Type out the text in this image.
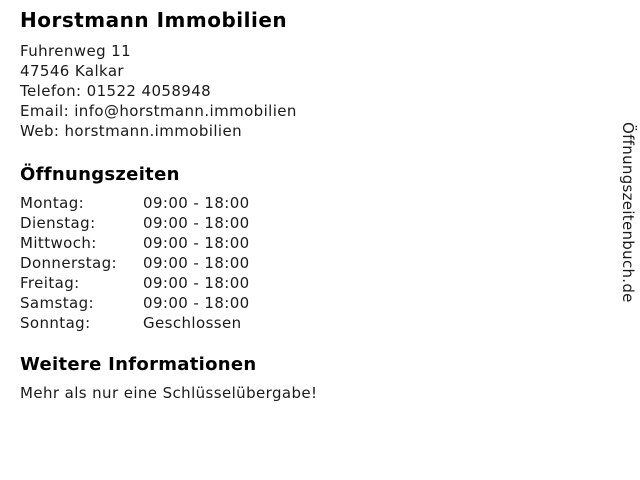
Horstmann Immobilien
Fuhrenweg 11
47546 Kalkar
Telefon: 01522 4058948
Email: info@horstmann.immobilien
Web: horstmann.immobilien
Öffnungszeiten
Montag:	09:00 - 18:00
Dienstag:	09:00 - 18:00
Mittwoch:	09:00 - 18:00
Donnerstag:	09:00 - 18:00
Freitag:	09:00 - 18:00
Samstag:	09:00 - 18:00
Sonntag:	Geschlossen
Weitere Informationen
Mehr als nur eine Schlüsselübergabe!
Öffnungszeitenbuch.de
